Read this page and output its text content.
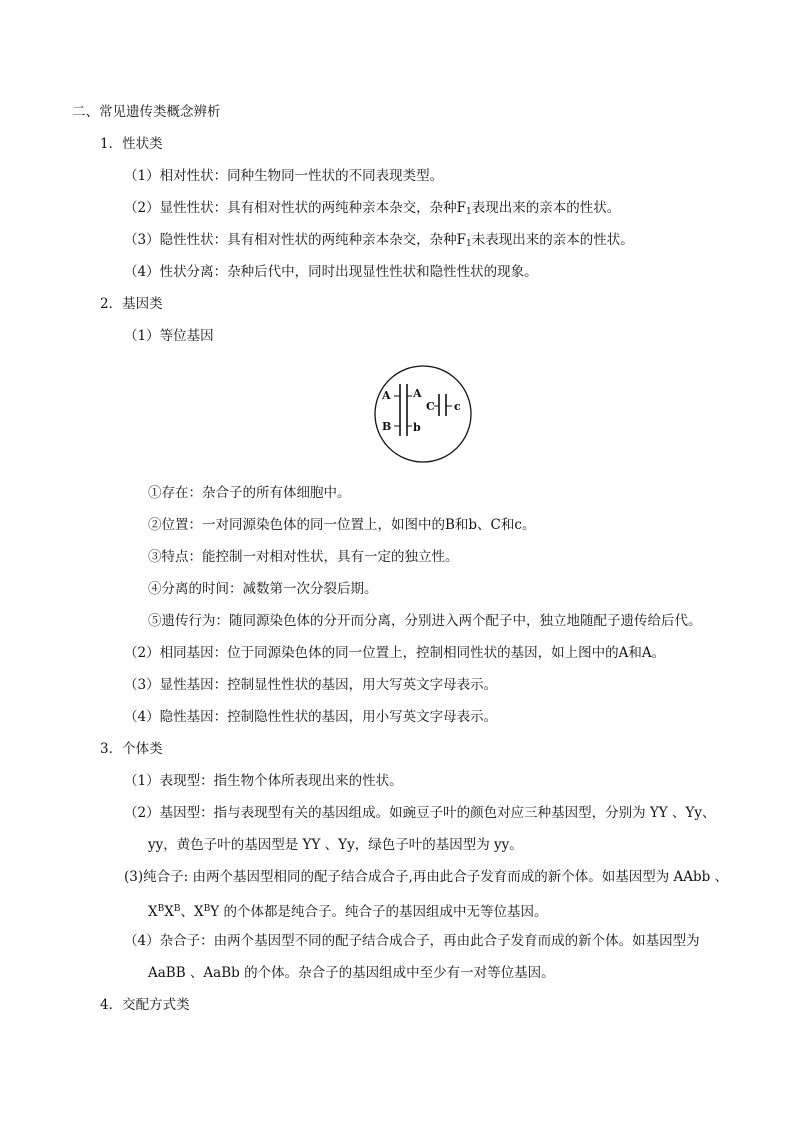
二、常见遗传类概念辨析
1．性状类
（1）相对性状：同种生物同一性状的不同表现类型。
（2）显性性状：具有相对性状的两纯种亲本杂交，杂种$F_1$表现出来的亲本的性状。
（3）隐性性状：具有相对性状的两纯种亲本杂交，杂种$F_1$未表现出来的亲本的性状。
（4）性状分离：杂种后代中，同时出现显性性状和隐性性状的现象。
2．基因类
（1）等位基因
A
B
A
b
C c
①存在：杂合子的所有体细胞中。
②位置：一对同源染色体的同一位置上，如图中的B和b、C和c。
③特点：能控制一对相对性状，具有一定的独立性。
④分离的时间：减数第一次分裂后期。
⑤遗传行为：随同源染色体的分开而分离，分别进入两个配子中，独立地随配子遗传给后代。
（2）相同基因：位于同源染色体的同一位置上，控制相同性状的基因，如上图中的A和A。
（3）显性基因：控制显性性状的基因，用大写英文字母表示。
（4）隐性基因：控制隐性性状的基因，用小写英文字母表示。
3．个体类
（1）表现型：指生物个体所表现出来的性状。
（2）基因型：指与表现型有关的基因组成。如豌豆子叶的颜色对应三种基因型，分别为 YY 、Yy、
yy，黄色子叶的基因型是 YY 、Yy，绿色子叶的基因型为 yy。
(3)纯合子: 由两个基因型相同的配子结合成合子,再由此合子发育而成的新个体。如基因型为 AAbb 、
$X^BX^B$、$X^BY$ 的个体都是纯合子。纯合子的基因组成中无等位基因。
（4）杂合子：由两个基因型不同的配子结合成合子，再由此合子发育而成的新个体。如基因型为
AaBB 、AaBb 的个体。杂合子的基因组成中至少有一对等位基因。
4．交配方式类
